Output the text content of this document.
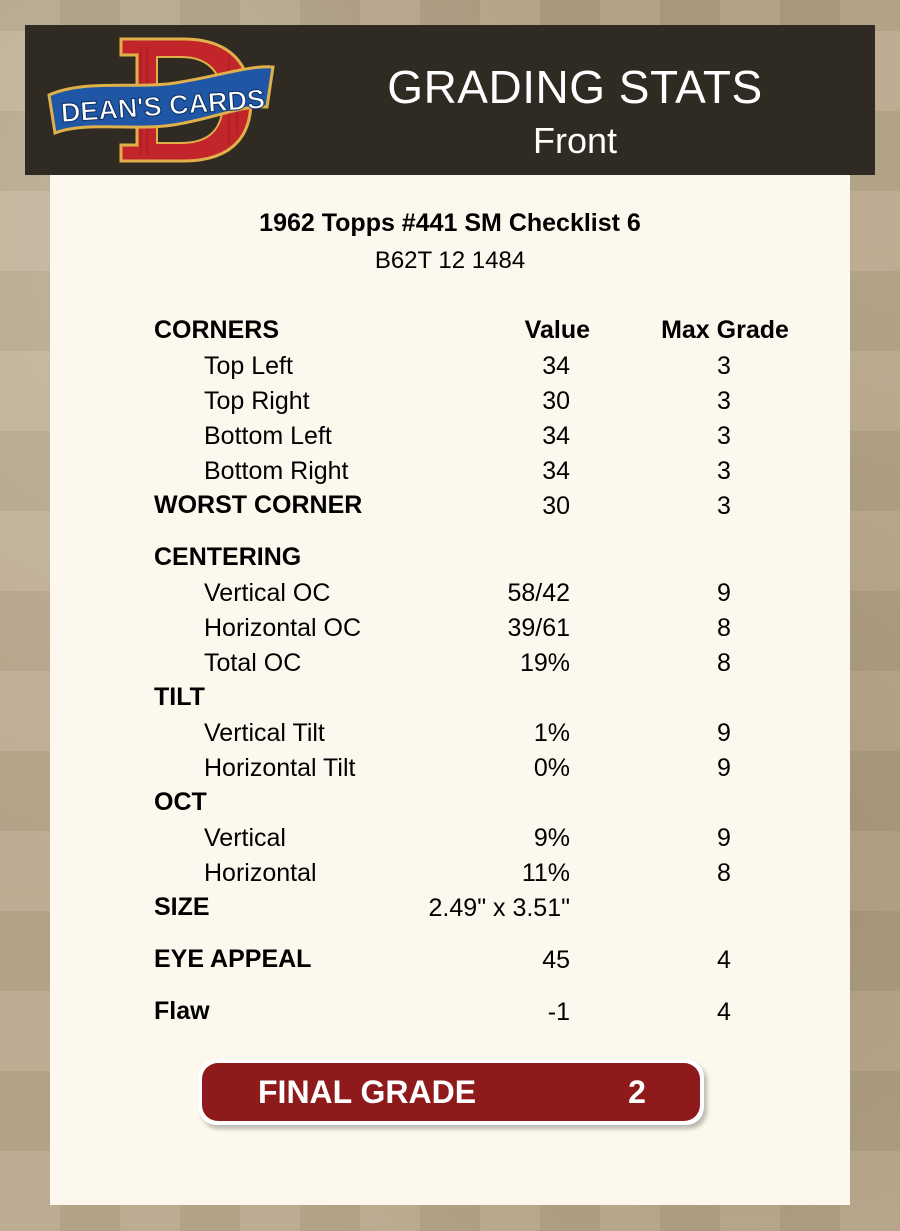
DEAN'S CARDS	GRADING STATS
Front
1962 Topps #441 SM Checklist 6
B62T 12 1484
CORNERS	Value	Max Grade
Top Left	34	3
Top Right	30	3
Bottom Left	34	3
Bottom Right	34	3
WORST CORNER	30	3
CENTERING
Vertical OC	58/42	9
Horizontal OC	39/61	8
Total OC	19%	8
TILT
Vertical Tilt	1%	9
Horizontal Tilt	0%	9
OCT
Vertical	9%	9
Horizontal	11%	8
SIZE	2.49" x 3.51"
EYE APPEAL	45	4
Flaw	-1	4
FINAL GRADE	2
